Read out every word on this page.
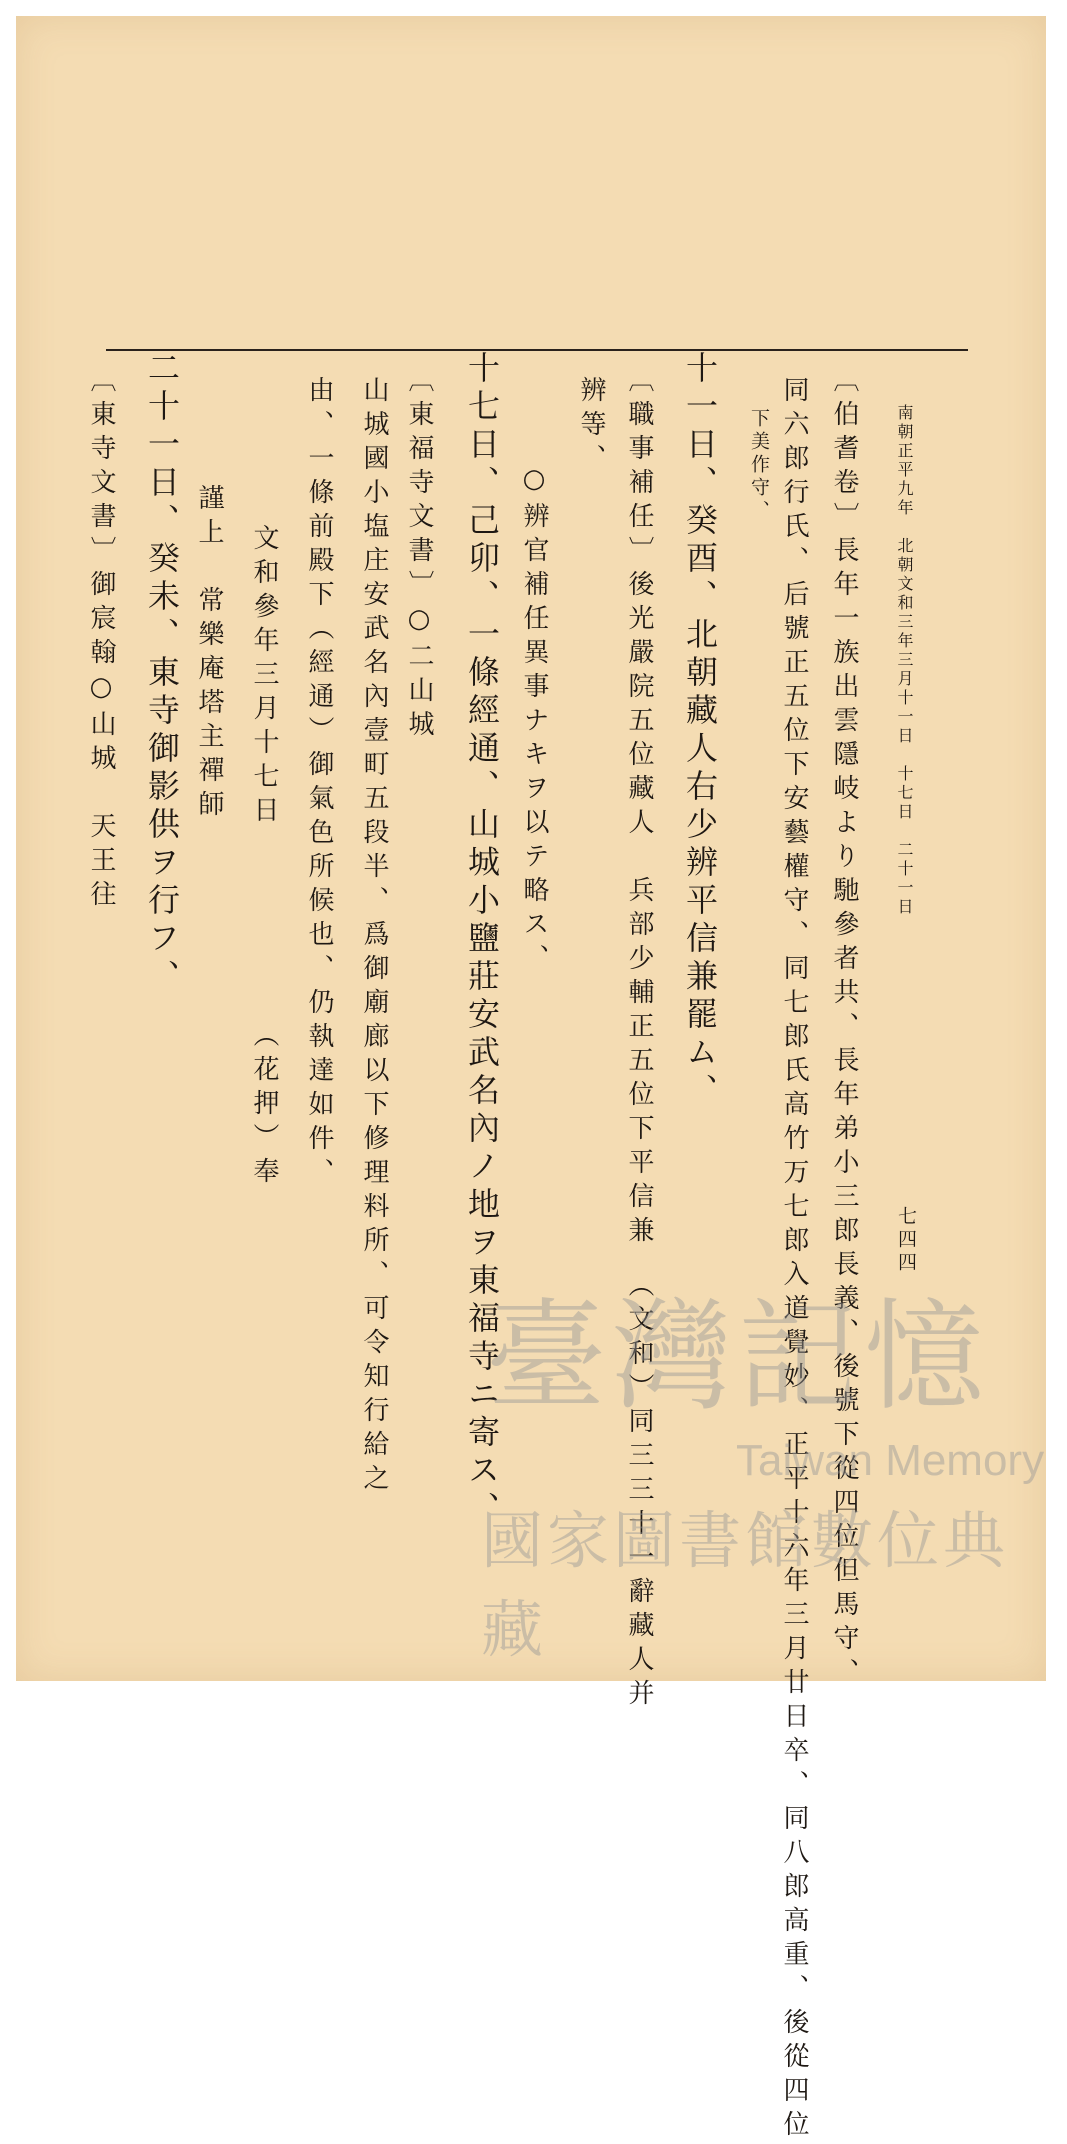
南朝正平九年　北朝文和三年三月十一日　十七日　二十一日
七四四
〔伯耆卷〕長年一族出雲隱岐より馳參者共、長年弟小三郎長義、後號下從四位但馬守、
同六郎行氏、后號正五位下安藝權守、同七郎氏高竹万七郎入道覺妙、正平十六年三月廿日卒、同八郎高重、後從四位
下美作守、
十一日、癸酉、北朝藏人右少辨平信兼罷ム、
〔職事補任〕後光嚴院五位藏人　兵部少輔正五位下平信兼　（文和）同三三十一辭藏人并
辨等、
○辨官補任異事ナキヲ以テ略ス、
十七日、己卯、一條經通、山城小鹽莊安武名內ノ地ヲ東福寺ニ寄ス、
〔東福寺文書〕○二山城
山城國小塩庄安武名內壹町五段半、爲御廟廊以下修理料所、可令知行給之
由、一條前殿下（經通）御氣色所候也、仍執達如件、
文和參年三月十七日　　　　　　（花押）奉
謹上　常樂庵塔主禪師
二十一日、癸未、東寺御影供ヲ行フ、
〔東寺文書〕御宸翰○山城　天王往
臺灣記憶
Taiwan Memory
國家圖書館數位典藏
